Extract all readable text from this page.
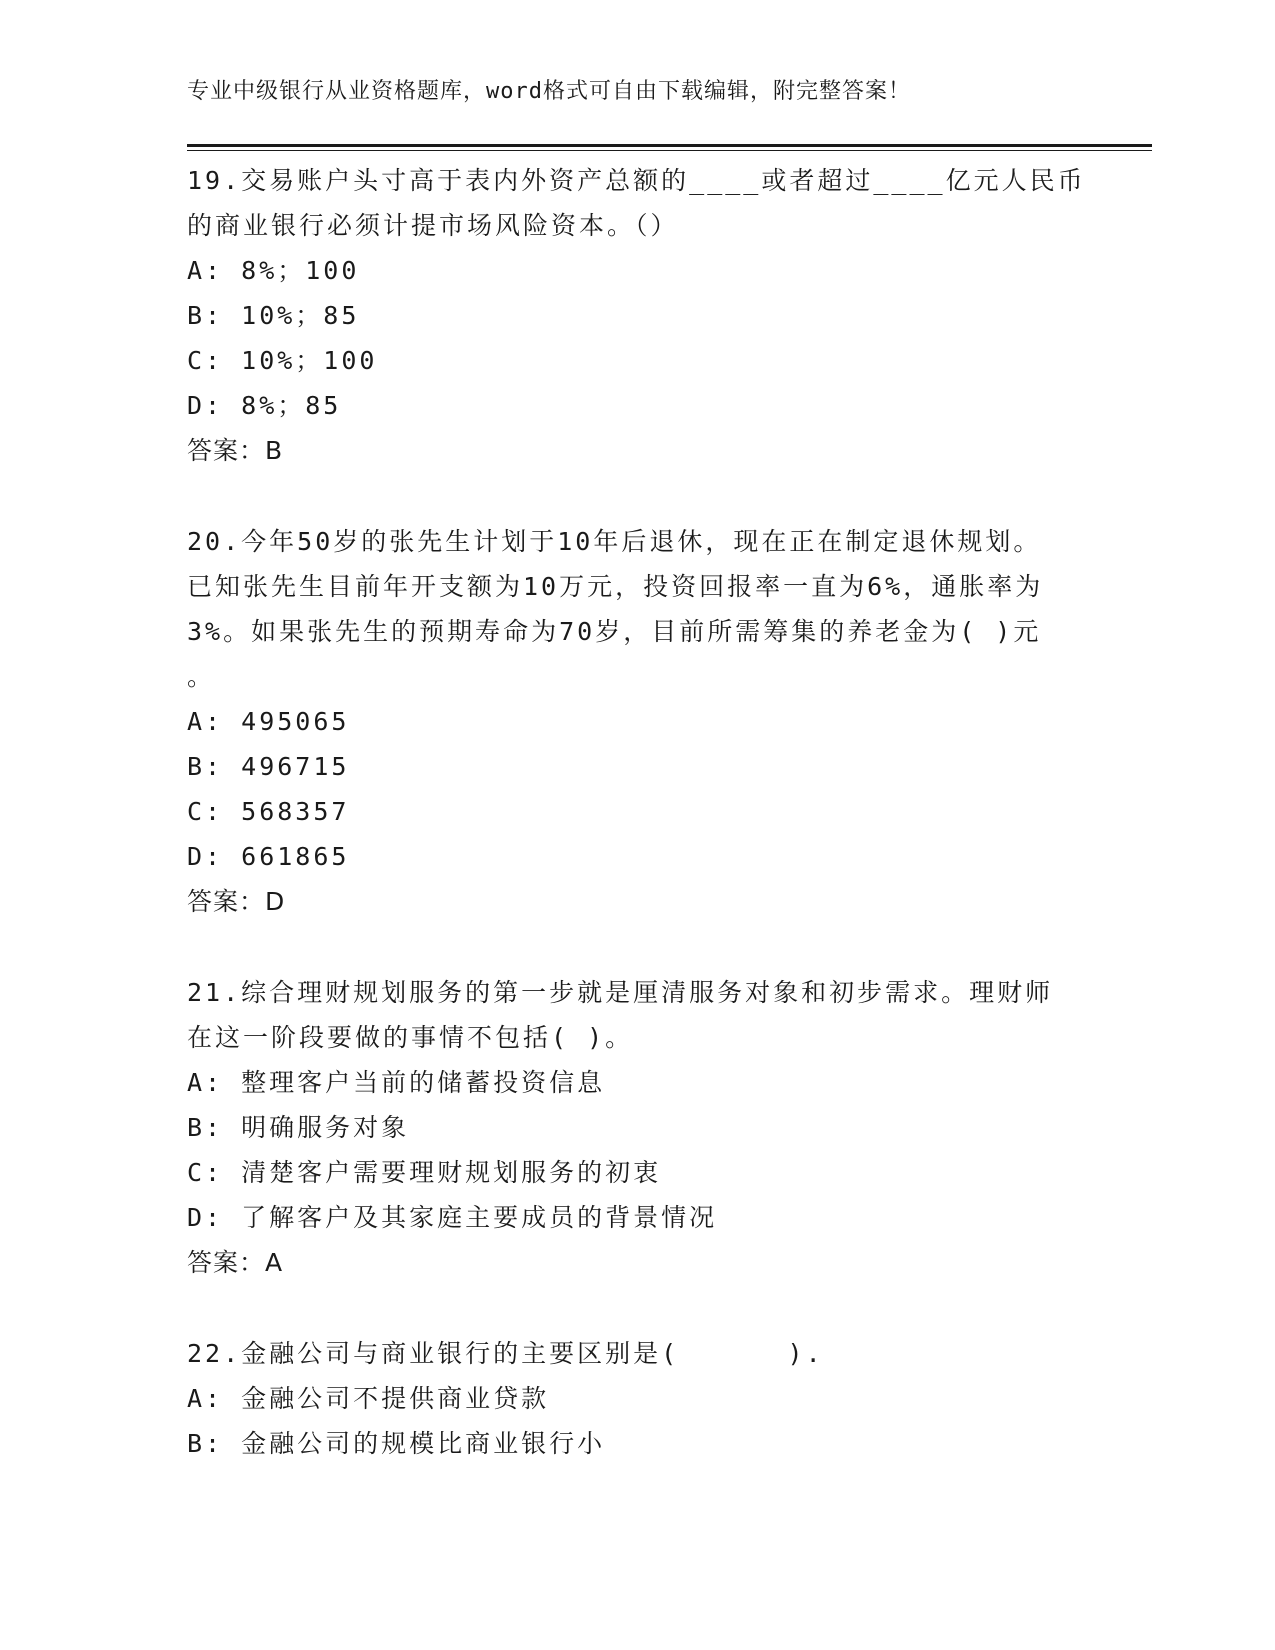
专业中级银行从业资格题库，word格式可自由下载编辑，附完整答案！
19.交易账户头寸高于表内外资产总额的____或者超过____亿元人民币
的商业银行必须计提市场风险资本。（）
A: 8%；100
B: 10%；85
C: 10%；100
D: 8%；85
答案：B
20.今年50岁的张先生计划于10年后退休，现在正在制定退休规划。
已知张先生目前年开支额为10万元，投资回报率一直为6%，通胀率为
3%。如果张先生的预期寿命为70岁，目前所需筹集的养老金为( )元
。
A: 495065
B: 496715
C: 568357
D: 661865
答案：D
21.综合理财规划服务的第一步就是厘清服务对象和初步需求。理财师
在这一阶段要做的事情不包括( )。
A: 整理客户当前的储蓄投资信息
B: 明确服务对象
C: 清楚客户需要理财规划服务的初衷
D: 了解客户及其家庭主要成员的背景情况
答案：A
22.金融公司与商业银行的主要区别是(      ).
A: 金融公司不提供商业贷款
B: 金融公司的规模比商业银行小
